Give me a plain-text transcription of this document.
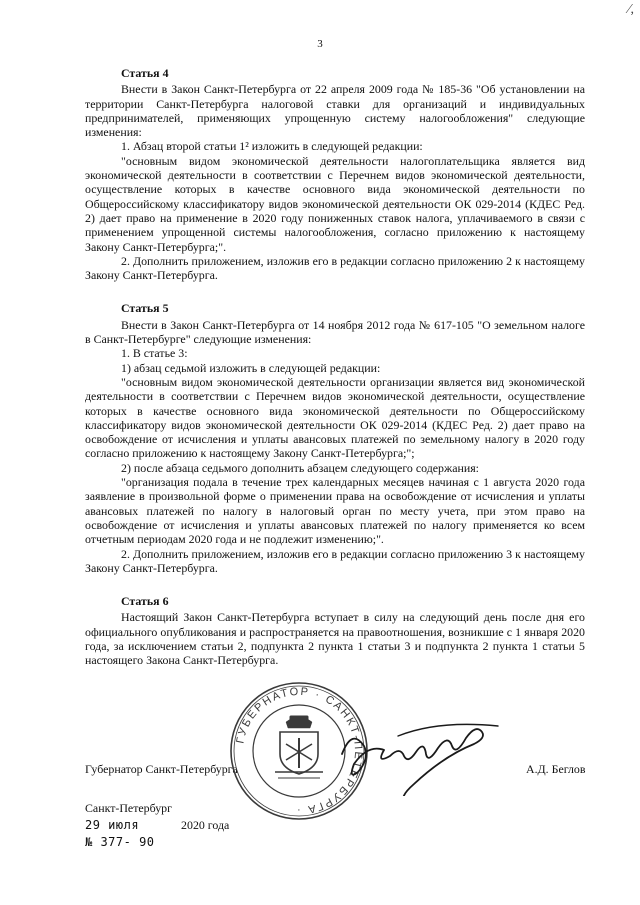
⁄,
3
Статья 4

Внести в Закон Санкт-Петербурга от 22 апреля 2009 года № 185-36 "Об установлении на территории Санкт-Петербурга налоговой ставки для организаций и индивидуальных предпринимателей, применяющих упрощенную систему налогообложения" следующие изменения:

1. Абзац второй статьи 1² изложить в следующей редакции:

"основным видом экономической деятельности налогоплательщика является вид экономической деятельности в соответствии с Перечнем видов экономической деятельности, осуществление которых в качестве основного вида экономической деятельности по Общероссийскому классификатору видов экономической деятельности ОК 029-2014 (КДЕС Ред. 2) дает право на применение в 2020 году пониженных ставок налога, уплачиваемого в связи с применением упрощенной системы налогообложения, согласно приложению к настоящему Закону Санкт-Петербурга;".

2. Дополнить приложением, изложив его в редакции согласно приложению 2 к настоящему Закону Санкт-Петербурга.

Статья 5

Внести в Закон Санкт-Петербурга от 14 ноября 2012 года № 617-105 "О земельном налоге в Санкт-Петербурге" следующие изменения:

1. В статье 3:

1) абзац седьмой изложить в следующей редакции:

"основным видом экономической деятельности организации является вид экономической деятельности в соответствии с Перечнем видов экономической деятельности, осуществление которых в качестве основного вида экономической деятельности по Общероссийскому классификатору видов экономической деятельности ОК 029-2014 (КДЕС Ред. 2) дает право на освобождение от исчисления и уплаты авансовых платежей по земельному налогу в 2020 году согласно приложению к настоящему Закону Санкт-Петербурга;";

2) после абзаца седьмого дополнить абзацем следующего содержания:

"организация подала в течение трех календарных месяцев начиная с 1 августа 2020 года заявление в произвольной форме о применении права на освобождение от исчисления и уплаты авансовых платежей по налогу в налоговый орган по месту учета, при этом право на освобождение от исчисления и уплаты авансовых платежей по налогу применяется ко всем отчетным периодам 2020 года и не подлежит изменению;".

2. Дополнить приложением, изложив его в редакции согласно приложению 3 к настоящему Закону Санкт-Петербурга.

Статья 6

Настоящий Закон Санкт-Петербурга вступает в силу на следующий день после дня его официального опубликования и распространяется на правоотношения, возникшие с 1 января 2020 года, за исключением статьи 2, подпункта 2 пункта 1 статьи 3 и подпункта 2 пункта 1 статьи 5 настоящего Закона Санкт-Петербурга.

Губернатор Санкт-Петербурга	А.Д. Беглов
ГУБЕРНАТОР · САНКТ-ПЕТЕРБУРГА ·
Санкт-Петербург
29 июля	2020 года
№ 377- 90
